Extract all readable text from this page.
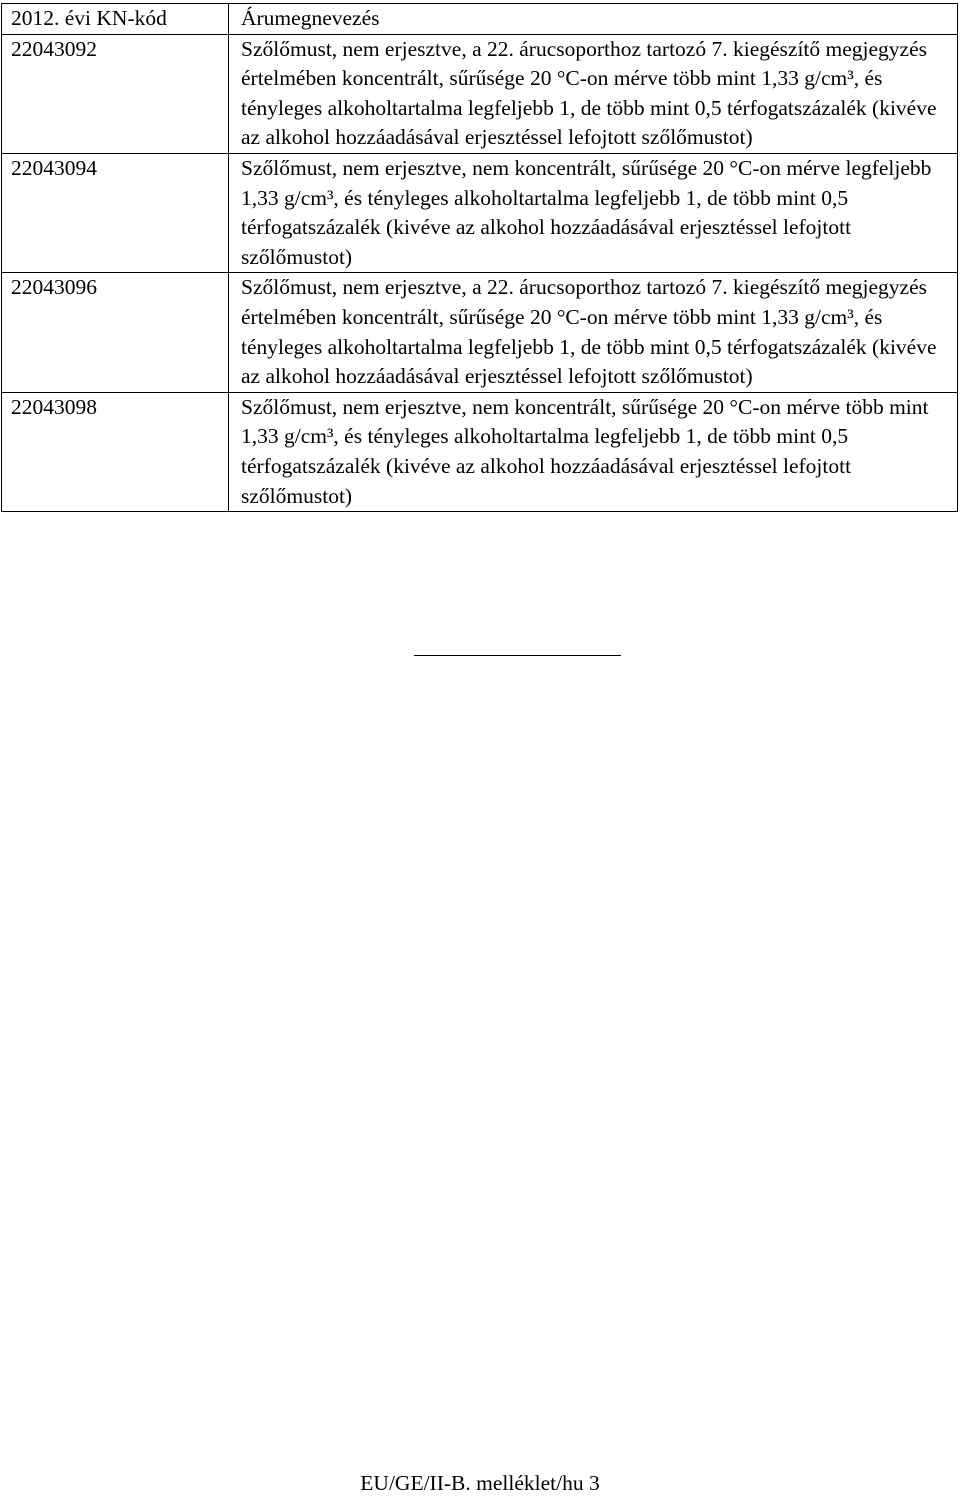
2012. évi KN-kód	Árumegnevezés
22043092	Szőlőmust, nem erjesztve, a 22. árucsoporthoz tartozó 7. kiegészítő megjegyzés értelmében koncentrált, sűrűsége 20 °C-on mérve több mint 1,33 g/cm³, és tényleges alkoholtartalma legfeljebb 1, de több mint 0,5 térfogatszázalék (kivéve az alkohol hozzáadásával erjesztéssel lefojtott szőlőmustot)
22043094	Szőlőmust, nem erjesztve, nem koncentrált, sűrűsége 20 °C-on mérve legfeljebb 1,33 g/cm³, és tényleges alkoholtartalma legfeljebb 1, de több mint 0,5 térfogatszázalék (kivéve az alkohol hozzáadásával erjesztéssel lefojtott szőlőmustot)
22043096	Szőlőmust, nem erjesztve, a 22. árucsoporthoz tartozó 7. kiegészítő megjegyzés értelmében koncentrált, sűrűsége 20 °C-on mérve több mint 1,33 g/cm³, és tényleges alkoholtartalma legfeljebb 1, de több mint 0,5 térfogatszázalék (kivéve az alkohol hozzáadásával erjesztéssel lefojtott szőlőmustot)
22043098	Szőlőmust, nem erjesztve, nem koncentrált, sűrűsége 20 °C-on mérve több mint 1,33 g/cm³, és tényleges alkoholtartalma legfeljebb 1, de több mint 0,5 térfogatszázalék (kivéve az alkohol hozzáadásával erjesztéssel lefojtott szőlőmustot)
EU/GE/II-B. melléklet/hu 3
